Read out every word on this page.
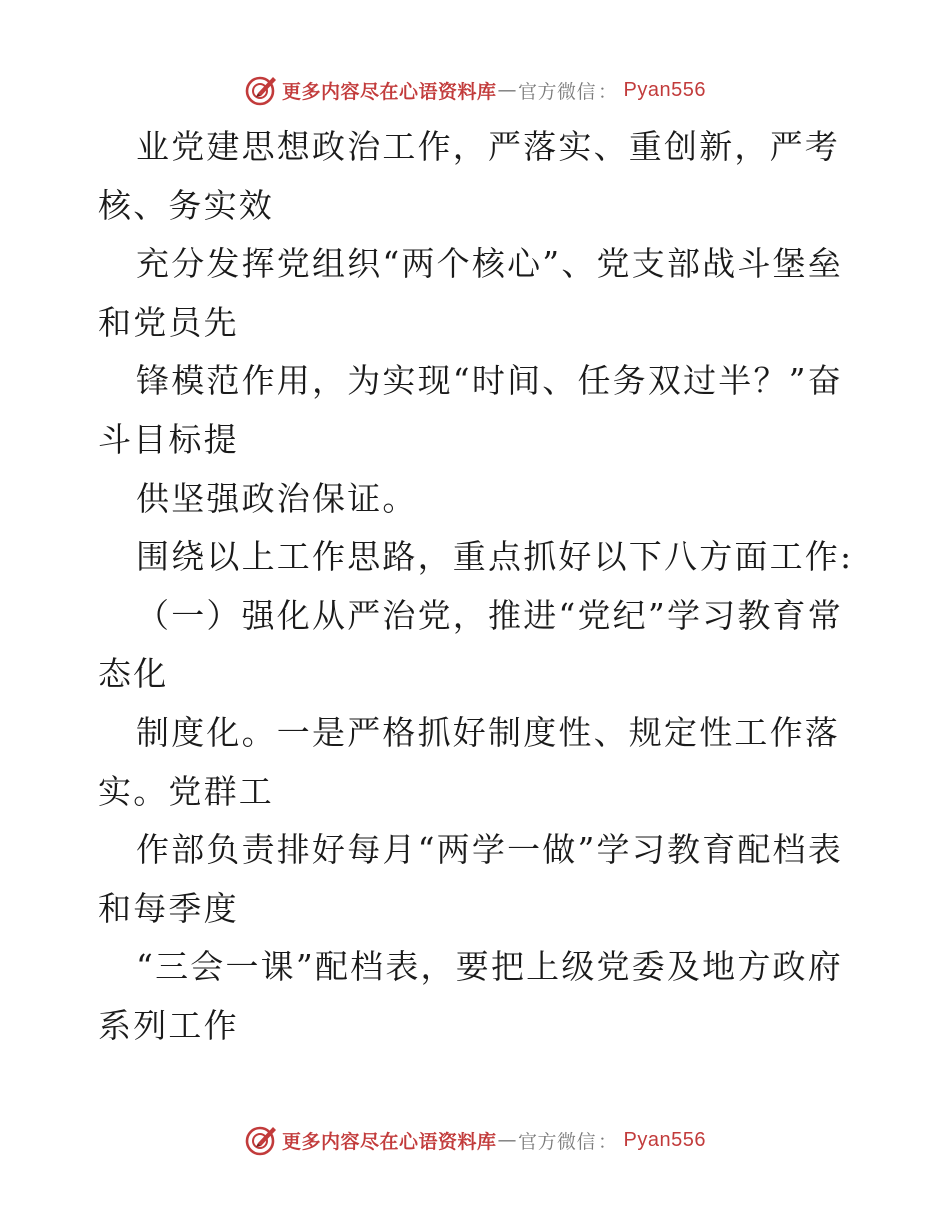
更多内容尽在心语资料库 — 官方微信 ： Pyan556
业党建思想政治工作，严落实、重创新，严考
核、务实效
充分发挥党组织“两个核心”、党支部战斗堡垒
和党员先
锋模范作用，为实现“时间、任务双过半？”奋
斗目标提
供坚强政治保证。
围绕以上工作思路，重点抓好以下八方面工作:
（一）强化从严治党，推进“党纪”学习教育常
态化
制度化。一是严格抓好制度性、规定性工作落
实。党群工
作部负责排好每月“两学一做”学习教育配档表
和每季度
“三会一课”配档表，要把上级党委及地方政府
系列工作
更多内容尽在心语资料库 — 官方微信 ： Pyan556
